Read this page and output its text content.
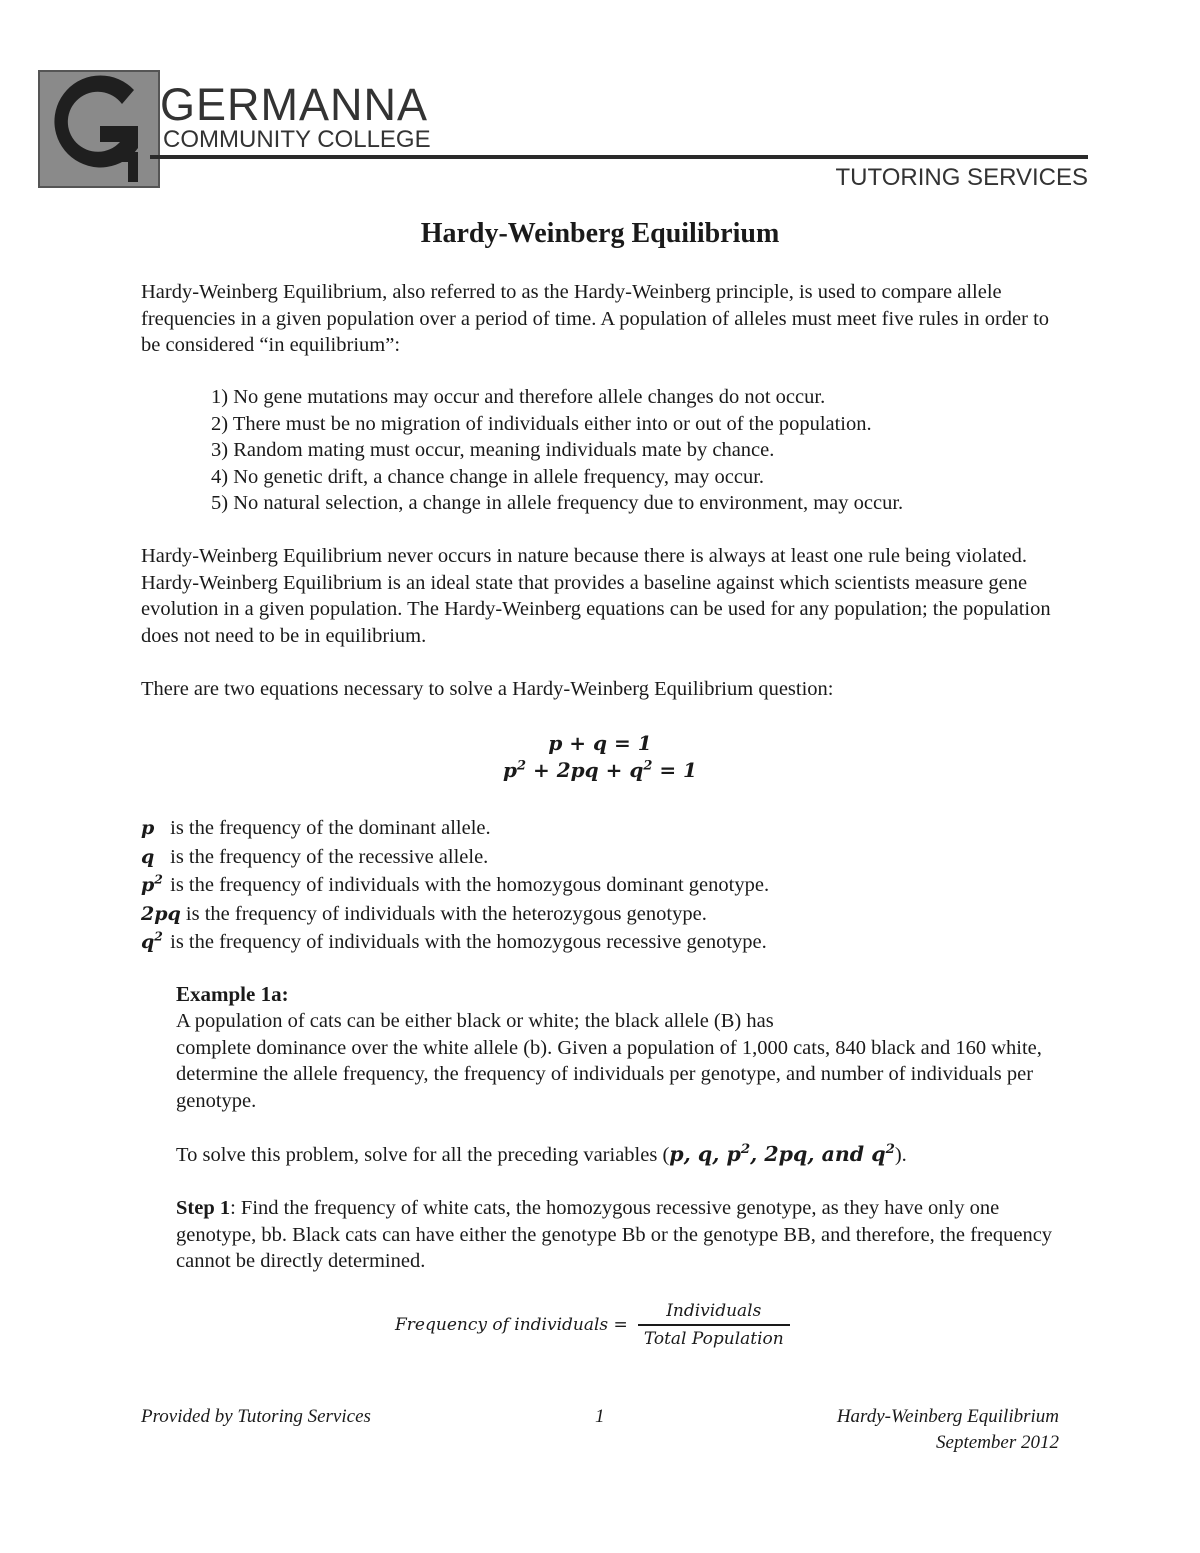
GERMANNA
COMMUNITY COLLEGE
TUTORING SERVICES
Hardy-Weinberg Equilibrium
Hardy-Weinberg Equilibrium, also referred to as the Hardy-Weinberg principle, is used to compare allele frequencies in a given population over a period of time. A population of alleles must meet five rules in order to be considered “in equilibrium”:
1) No gene mutations may occur and therefore allele changes do not occur.
2) There must be no migration of individuals either into or out of the population.
3) Random mating must occur, meaning individuals mate by chance.
4) No genetic drift, a chance change in allele frequency, may occur.
5) No natural selection, a change in allele frequency due to environment, may occur.
Hardy-Weinberg Equilibrium never occurs in nature because there is always at least one rule being violated. Hardy-Weinberg Equilibrium is an ideal state that provides a baseline against which scientists measure gene evolution in a given population. The Hardy-Weinberg equations can be used for any population; the population does not need to be in equilibrium.
There are two equations necessary to solve a Hardy-Weinberg Equilibrium question:
p + q = 1
$p^2 + 2pq + q^2 = 1$
p is the frequency of the dominant allele.
q is the frequency of the recessive allele.
$p^2$ is the frequency of individuals with the homozygous dominant genotype.
2pq is the frequency of individuals with the heterozygous genotype.
$q^2$ is the frequency of individuals with the homozygous recessive genotype.
Example 1a:
A population of cats can be either black or white; the black allele (B) has
complete dominance over the white allele (b). Given a population of 1,000 cats, 840 black and 160 white, determine the allele frequency, the frequency of individuals per genotype, and number of individuals per genotype.
To solve this problem, solve for all the preceding variables (p, q, $p^2$, 2pq, and $q^2$).
Step 1: Find the frequency of white cats, the homozygous recessive genotype, as they have only one genotype, bb. Black cats can have either the genotype Bb or the genotype BB, and therefore, the frequency cannot be directly determined.
Frequency of individuals =
Individuals
Total Population
Provided by Tutoring Services	1	Hardy-Weinberg Equilibrium
September 2012
